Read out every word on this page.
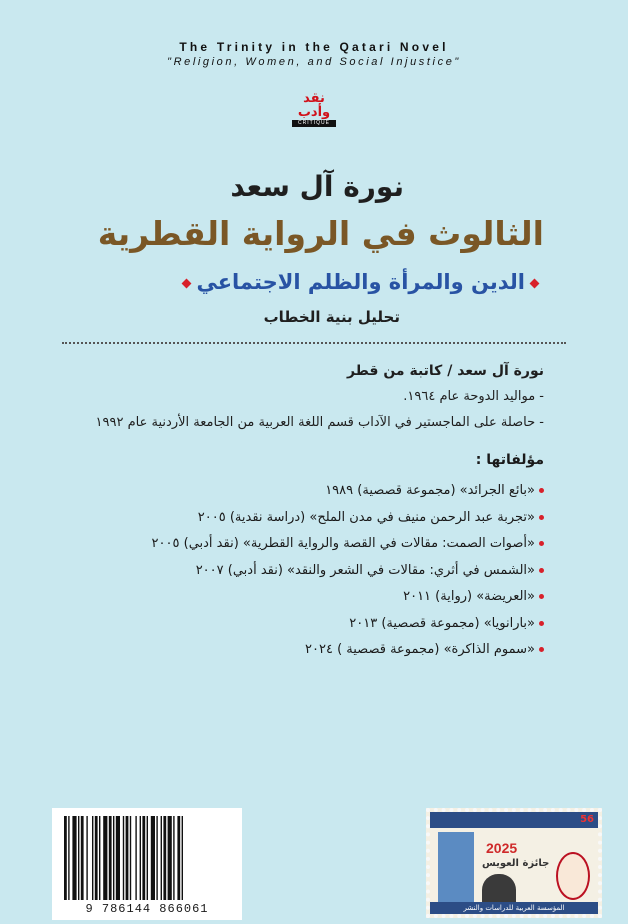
The Trinity in the Qatari Novel
"Religion, Women, and Social Injustice"
نقد وأدب
CRITIQUE
نورة آل سعد
الثالوث في الرواية القطرية
الدين والمرأة والظلم الاجتماعي
تحليل بنية الخطاب
نورة آل سعد / كاتبة من قطر
- مواليد الدوحة عام ١٩٦٤.
- حاصلة على الماجستير في الآداب قسم اللغة العربية من الجامعة الأردنية عام ١٩٩٢
مؤلفاتها :
«بائع الجرائد» (مجموعة قصصية) ١٩٨٩
«تجربة عبد الرحمن منيف في مدن الملح» (دراسة نقدية) ٢٠٠٥
«أصوات الصمت: مقالات في القصة والرواية القطرية» (نقد أدبي) ٢٠٠٥
«الشمس في أثري: مقالات في الشعر والنقد» (نقد أدبي) ٢٠٠٧
«العريضة» (رواية) ٢٠١١
«بارانويا» (مجموعة قصصية) ٢٠١٣
«سموم الذاكرة» (مجموعة قصصية ) ٢٠٢٤
9 786144 866061
56
2025
جائزة العويس
المؤسسة العربية للدراسات والنشر
